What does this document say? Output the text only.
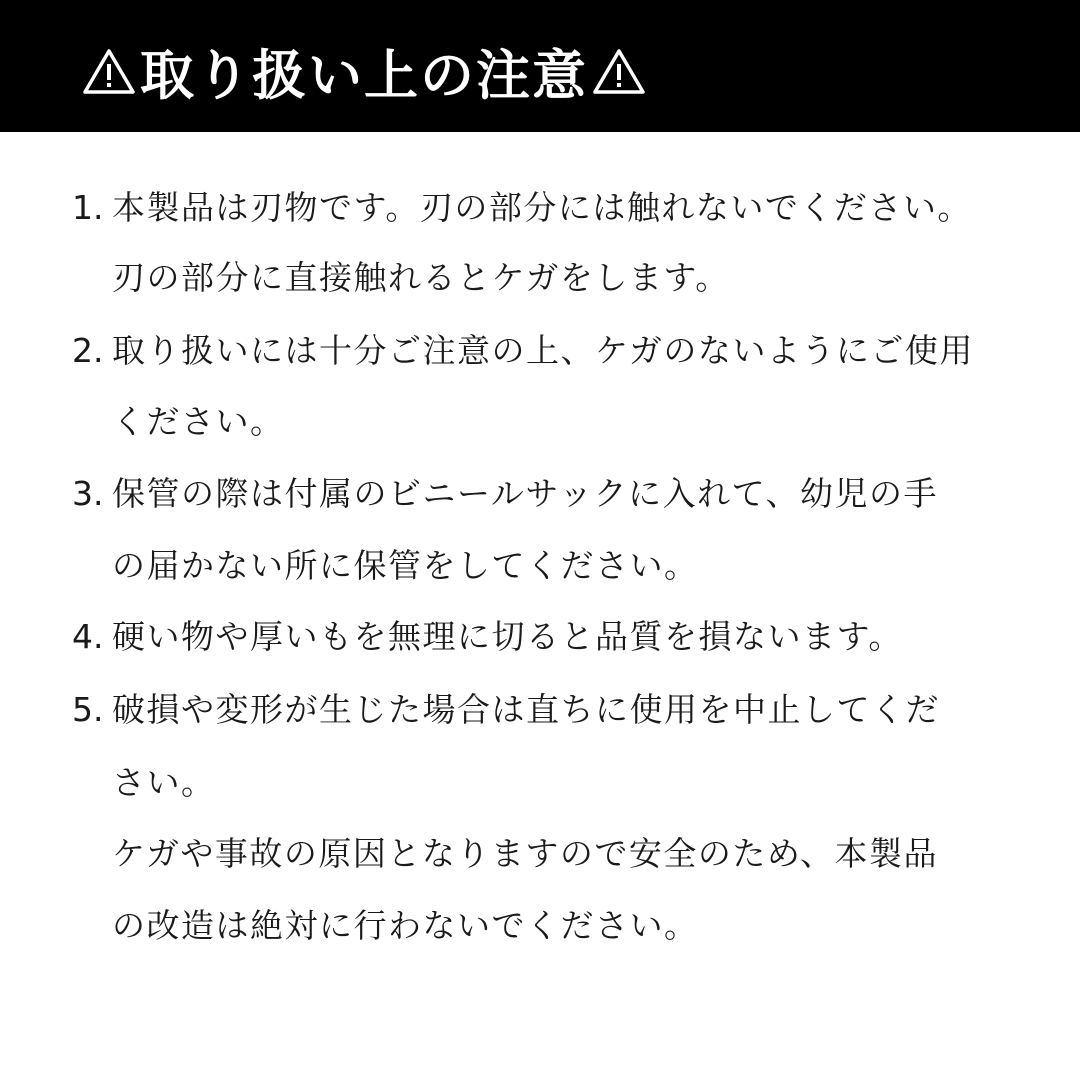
取り扱い上の注意
1. 本製品は刃物です。刃の部分には触れないでください。
刃の部分に直接触れるとケガをします。
2. 取り扱いには十分ご注意の上、ケガのないようにご使用
ください。
3. 保管の際は付属のビニールサックに入れて、幼児の手
の届かない所に保管をしてください。
4. 硬い物や厚いもを無理に切ると品質を損ないます。
5. 破損や変形が生じた場合は直ちに使用を中止してくだ
さい。
ケガや事故の原因となりますので安全のため、本製品
の改造は絶対に行わないでください。
